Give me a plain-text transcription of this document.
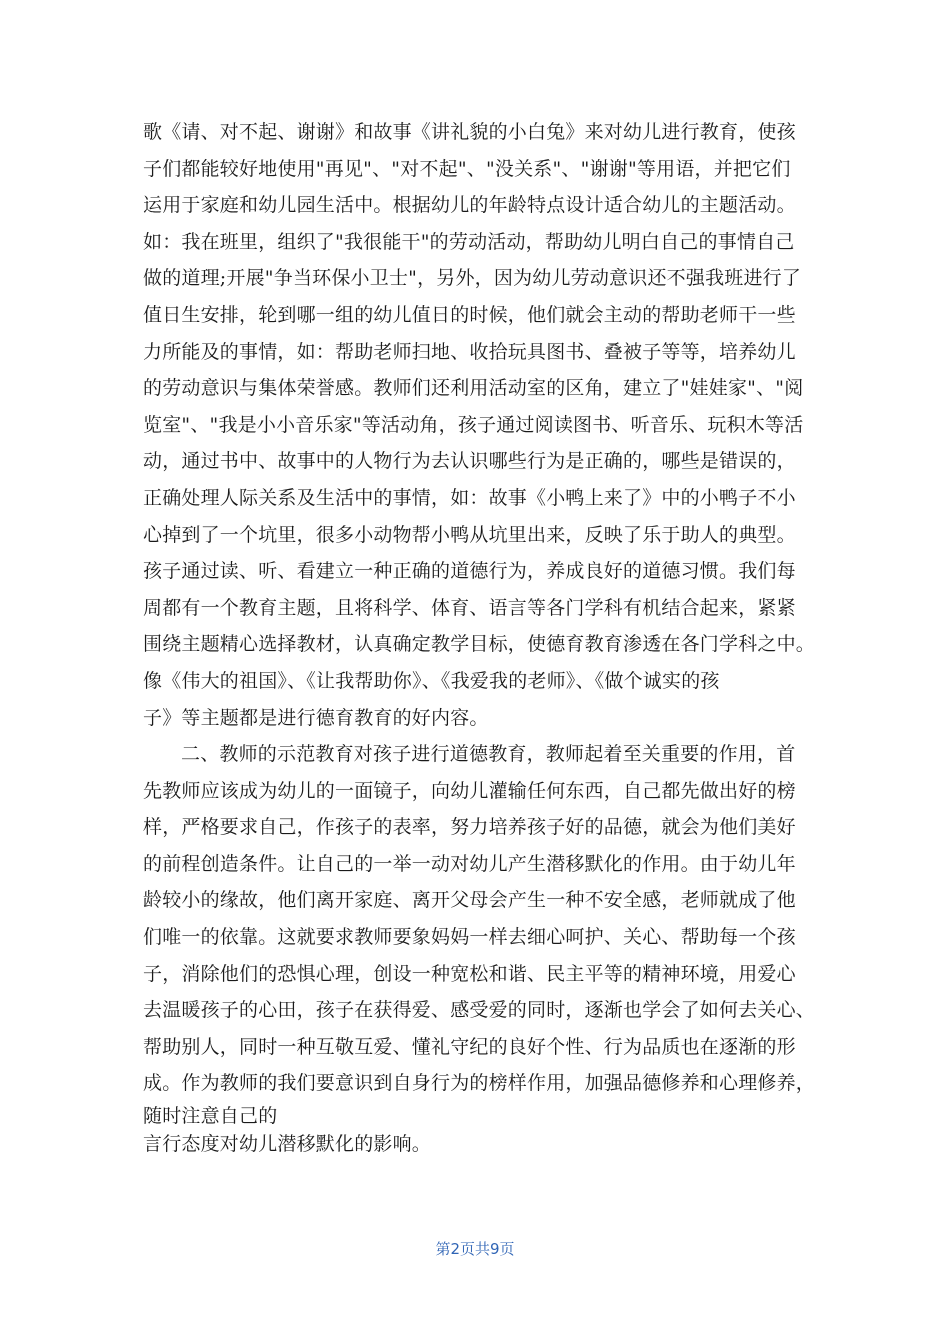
歌《请、对不起、谢谢》和故事《讲礼貌的小白兔》来对幼儿进行教育，使孩
子们都能较好地使用"再见"、"对不起"、"没关系"、"谢谢"等用语，并把它们
运用于家庭和幼儿园生活中。根据幼儿的年龄特点设计适合幼儿的主题活动。
如：我在班里，组织了"我很能干"的劳动活动，帮助幼儿明白自己的事情自己
做的道理;开展"争当环保小卫士"，另外，因为幼儿劳动意识还不强我班进行了
值日生安排，轮到哪一组的幼儿值日的时候，他们就会主动的帮助老师干一些
力所能及的事情，如：帮助老师扫地、收拾玩具图书、叠被子等等，培养幼儿
的劳动意识与集体荣誉感。教师们还利用活动室的区角，建立了"娃娃家"、"阅
览室"、"我是小小音乐家"等活动角，孩子通过阅读图书、听音乐、玩积木等活
动，通过书中、故事中的人物行为去认识哪些行为是正确的，哪些是错误的，
正确处理人际关系及生活中的事情，如：故事《小鸭上来了》中的小鸭子不小
心掉到了一个坑里，很多小动物帮小鸭从坑里出来，反映了乐于助人的典型。
孩子通过读、听、看建立一种正确的道德行为，养成良好的道德习惯。我们每
周都有一个教育主题，且将科学、体育、语言等各门学科有机结合起来，紧紧
围绕主题精心选择教材，认真确定教学目标，使德育教育渗透在各门学科之中。
像《伟大的祖国》、《让我帮助你》、《我爱我的老师》、《做个诚实的孩
子》等主题都是进行德育教育的好内容。
二、教师的示范教育对孩子进行道德教育，教师起着至关重要的作用，首
先教师应该成为幼儿的一面镜子，向幼儿灌输任何东西，自己都先做出好的榜
样，严格要求自己，作孩子的表率，努力培养孩子好的品德，就会为他们美好
的前程创造条件。让自己的一举一动对幼儿产生潜移默化的作用。由于幼儿年
龄较小的缘故，他们离开家庭、离开父母会产生一种不安全感，老师就成了他
们唯一的依靠。这就要求教师要象妈妈一样去细心呵护、关心、帮助每一个孩
子，消除他们的恐惧心理，创设一种宽松和谐、民主平等的精神环境，用爱心
去温暖孩子的心田，孩子在获得爱、感受爱的同时，逐渐也学会了如何去关心、
帮助别人，同时一种互敬互爱、懂礼守纪的良好个性、行为品质也在逐渐的形
成。作为教师的我们要意识到自身行为的榜样作用，加强品德修养和心理修养，
随时注意自己的
言行态度对幼儿潜移默化的影响。
第2页共9页
